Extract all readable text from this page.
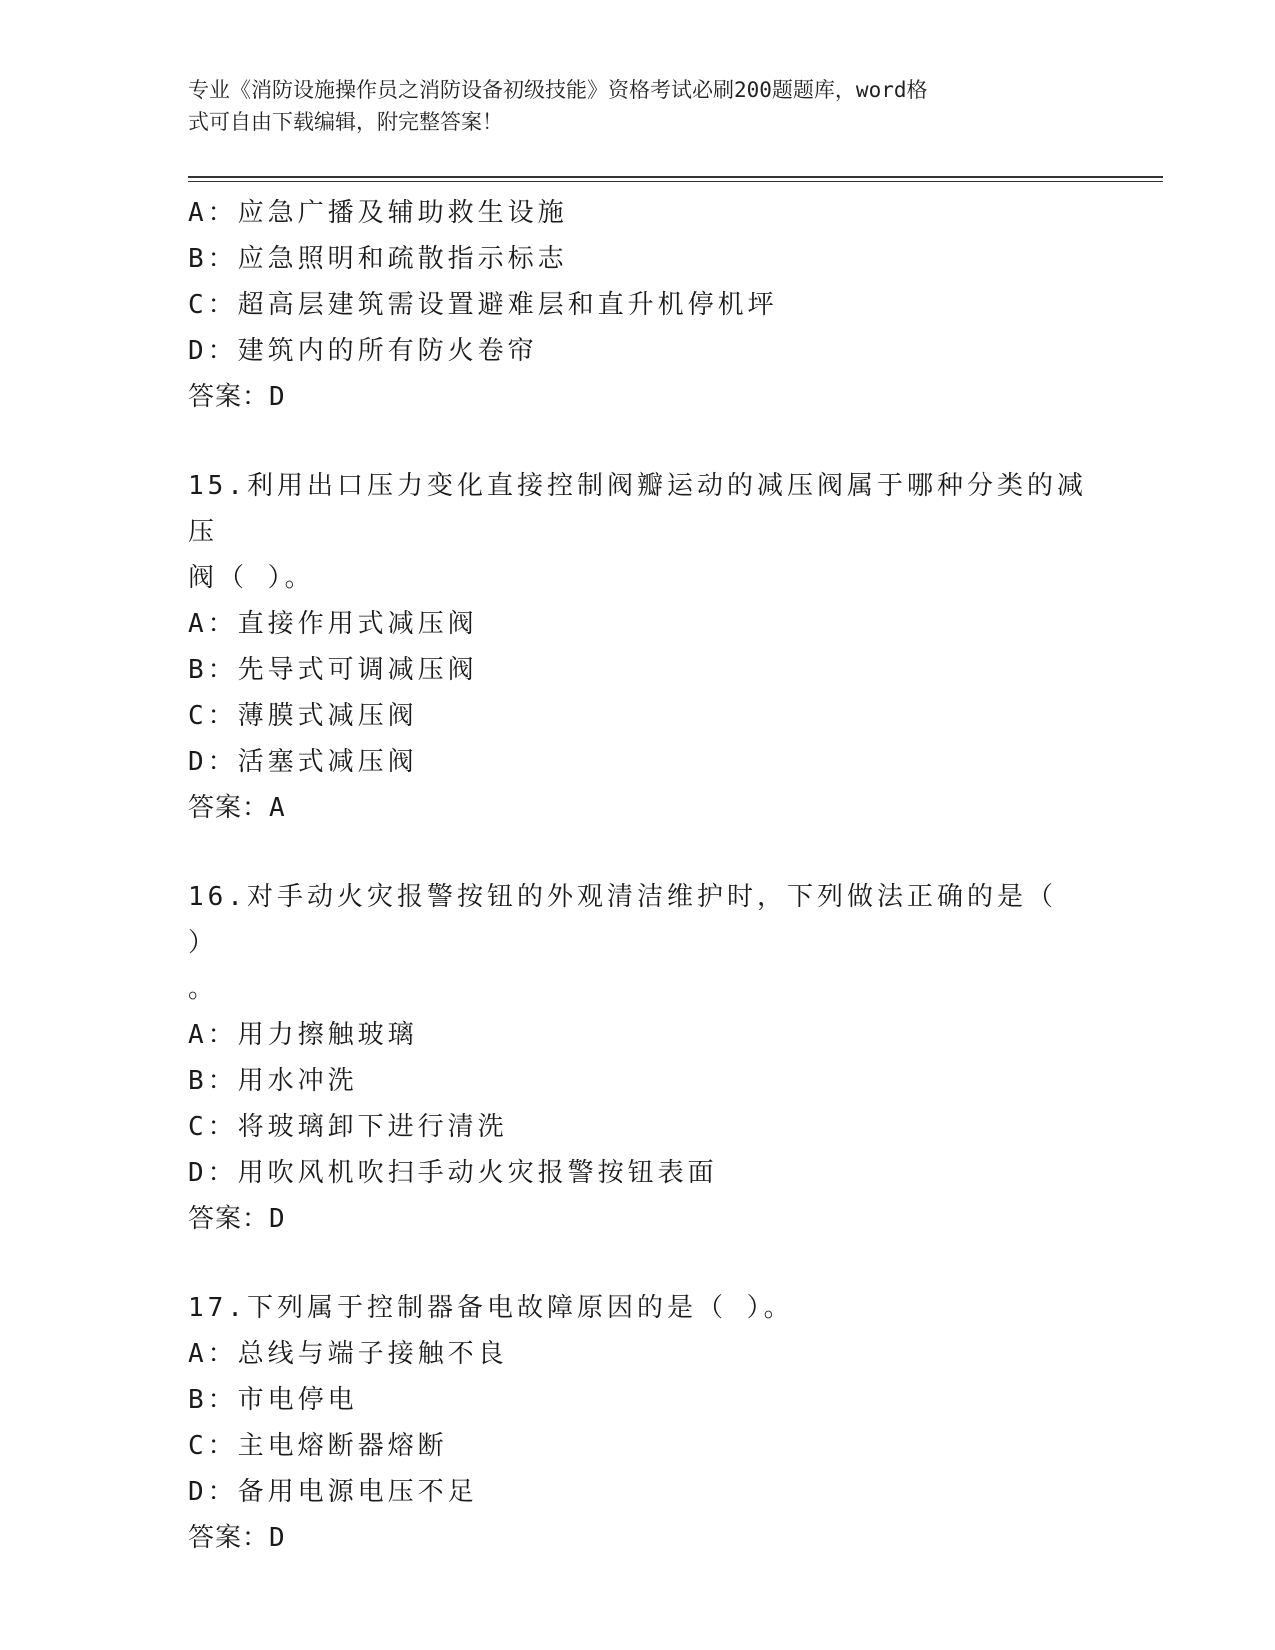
专业《消防设施操作员之消防设备初级技能》资格考试必刷200题题库，word格
式可自由下载编辑，附完整答案！

A：应急广播及辅助救生设施

B：应急照明和疏散指示标志

C：超高层建筑需设置避难层和直升机停机坪

D：建筑内的所有防火卷帘

答案：D

15.利用出口压力变化直接控制阀瓣运动的减压阀属于哪种分类的减压

阀（ ）。

A：直接作用式减压阀

B：先导式可调减压阀

C：薄膜式减压阀

D：活塞式减压阀

答案：A

16.对手动火灾报警按钮的外观清洁维护时，下列做法正确的是（ ）

。

A：用力擦触玻璃

B：用水冲洗

C：将玻璃卸下进行清洗

D：用吹风机吹扫手动火灾报警按钮表面

答案：D

17.下列属于控制器备电故障原因的是（ ）。

A：总线与端子接触不良

B：市电停电

C：主电熔断器熔断

D：备用电源电压不足

答案：D
